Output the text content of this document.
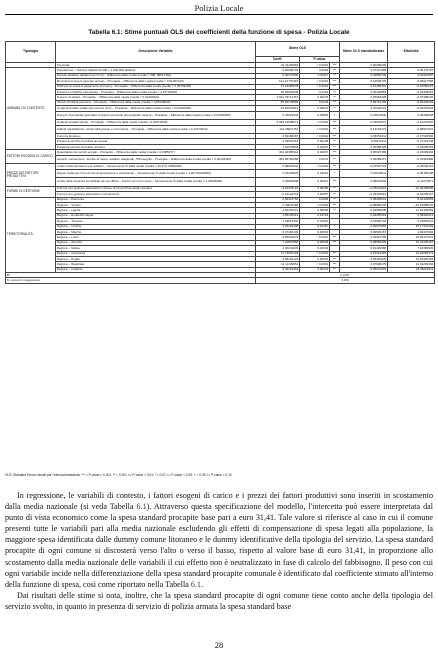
Polizia Locale
Tabella 6.1: Stime puntuali OLS dei coefficienti della funzione di spesa - Polizia Locale
Tipologia	Descrizione Variabile	Stime OLS			Stime OLS standardizzate	Elasticità
		Coeff.	P-value			
	Intercetta	31,41102563	< 0,0001	***	0,00000000	
VARIABILI DI CONTESTO	Popolazione – Numero abitanti (0,000 + 1.000.000 abitanti)	0,00000743	0,0003	***	0,07347489	0,00175787
	Densità abitativa (abitanti per Kmq) – Differenza dalla media (media = 308, 99617462)	0,00172000	0,00117	**	0,04865739	-0,00112587
	Movimenti (numero giornate annue) – Procapite – Differenza dalla media (media = 0,01367449)	141,12776315	< 0,0001	***	0,12539745	0,00617558
	Rutili per la cassa a pagamento (numero) – Procapite – Differenza dalla media (media = 0,00753254)	73,23280578	< 0,0001	***	0,16465301	-0,01650215
	Presenze turistiche (domanda) – Procapite – Differenza dalla media (media = 3,15719902)	36,40994205	0,0164	**	0,05490883	-0,01409915
	Numero di sinistri – Procapite – Differenza dalla media (media = 0,00100321)	2.944,79714467	0,00279	**	0,06964328	-0,07498432
	Veicoli circolanti (numero) – Procapite – Differenza dalla media (media = 0,65168030)	65,93178986	0,0236	**	0,09712796	-0,00420203
	Lunghezza delle strade del comune (Km) – Procapite – Differenza dalla media (media = 0,00320408)	43,53331812	0,00873	**	0,07926721	-0,02376924
	Numero di pendolari giornalieri entranti ed uscenti dei pendolari uscenti – Procapite – Differenza dalla media (media = 0,03356055)	6,78023545	0,03805	*	0,03611530	0,00369948
	Incidenti stradali rilevati – Procapite – Differenza dalla media (media = 0,00170203)	2.099,16998574	< 0,0001	***	0,23523647	-0,10241687
	Addetti manifatturieri, servizi all'ingrosso e commercio – Procapite – Differenza dalla media (media = 0,12173312)	144,46811754	< 0,0001	***	0,14233473	-0,08947031
	Comune litoraneo	6,69188387	< 0,0001	***	0,08754311	-0,17518966
	Presenza servizio di polizia annonaria	2,39015018	0,00128	**	0,05972111	-0,47343748
	Presenza servizio di polizia notturna	1,61975894	0,01097	**	0,04358128	-0,44605381
FATTORI ESOGENI DI CARICO	Quantitativo dei servizi erogati – Procapite – Differenza dalla media (media = 0,0085477)	404,46355944	0,00067	***	0,05627165	-0,01609304
	Accordi, convenzioni, nomine di messi, ausiliari, stagionali, 750 eseguiti – Procapite – Differenza dalla media (media = 0,00134325)	383,96781056	0,0072	**	0,05280371	-0,01961886
PREZZI DEI FATTORI PRODUTTIVI	Costo medio del lavoro per addetto – Scostamento % dalla media (media = 29.379,73680000)	0,08945942	< 0,0001	***	0,07597723	-0,35694716
	Spesa media per l'uso di veicoli (autovetture e carburante) – Scostamento % dalla media (media = 1.997,66420000)	0,01106823	0,02013	*	0,03436911	-0,05159198
	Livello delle locazioni immobiliari ad uso ufficio – Prezzo al mq (in euro) – Scostamento % dalla media (media = 4,49345000)	0,02849948	0,00012	***	0,08021849	-0,11073871
FORME DI GESTIONE	Comuni con gestione associata in Unione di comuni/Comunità montana	–3,01378721	0,00295	**	–0,05211621	–10,45309995
	Comuni con gestione associata in convenzione	–2,16142343	0,00657	**	–0,03443610	–6,62205147
TERRITORIALITÀ	Regione – Piemonte	2,96441756	0,0025	**	0,05095941	8,44133653
	Regione – Veneto	–7,39031183	< 0,0001	***	–0,08896232	–15,19088376
	Regione – Liguria	4,53432372	0,00836	**	0,03858638	11,61369469
	Regione – Emilia Romagna	1,55105613	0,19718		0,02455463	5,09960013
	Regione – Toscana	1,33514302	0,13034		0,01925734	5,23884444
	Regione – Umbria	3,33163198	0,01487	*	0,02874855	15,17344403
	Regione – Marche	0,47403103	0,62515		0,00596157	1,90397940
	Regione – Lazio	8,60940979	< 0,0001	***	0,09113795	26,65427521
	Regione – Abruzzo	7,41827856	0,00038	***	0,08559439	31,23335497
	Regione – Molise	2,30234233	0,40344		0,01440996	7,16383945
	Regione – Campania	11,74832193	< 0,0001	***	0,15319465	31,64058173
	Regione – Puglia	4,98162123	0,00002	***	0,05302935	14,20350426
	Regione – Basilicata	11,11439951	< 0,0001	***	0,07098179	31,04293362
	Regione – Calabria	6,40264262	0,00123	**	0,05972033	18,45263311
R²		0,4197				
N. comuni in regressione		3.156				
OLS: Standard Errors robusti per l'eteroschedasticità; *** = P-value < 0,001; ** = 0,001 <= P-value < 0,01; * = 0,01 <= P-value < 0,05; + = 0,05 <= P-value < 0,10

In regressione, le variabili di contesto, i fattori esogeni di carico e i prezzi dei fattori produttivi sono inseriti in scostamento dalla media nazionale (si veda Tabella 6.1). Attraverso questa specificazione del modello, l'intercetta può essere interpretata dal punto di vista economico come la spesa standard procapite base pari a euro 31,41. Tale valore si riferisce al caso in cui il comune presenti tutte le variabili pari alla media nazionale escludendo gli effetti di compensazione di spesa legati alla popolazione, la maggiore spesa identificata dalle dummy comune litoraneo e le dummy identificative della tipologia del servizio. La spesa standard procapite di ogni comune si discosterà verso l'alto o verso il basso, rispetto al valore base di euro 31,41, in proporzione allo scostamento dalla media nazionale delle variabili il cui effetto non è neutralizzato in fase di calcolo del fabbisogno. Il peso con cui ogni variabile incide nella differenziazione della spesa standard procapite comunale è identificato dal coefficiente stimato all'interno della funzione di spesa, così come riportato nella Tabella 6.1.

Dai risultati delle stime si nota, inoltre, che la spesa standard procapite di ogni comune tiene conto anche della tipologia del servizio svolto, in quanto in presenza di servizio di polizia armata la spesa standard base

28
